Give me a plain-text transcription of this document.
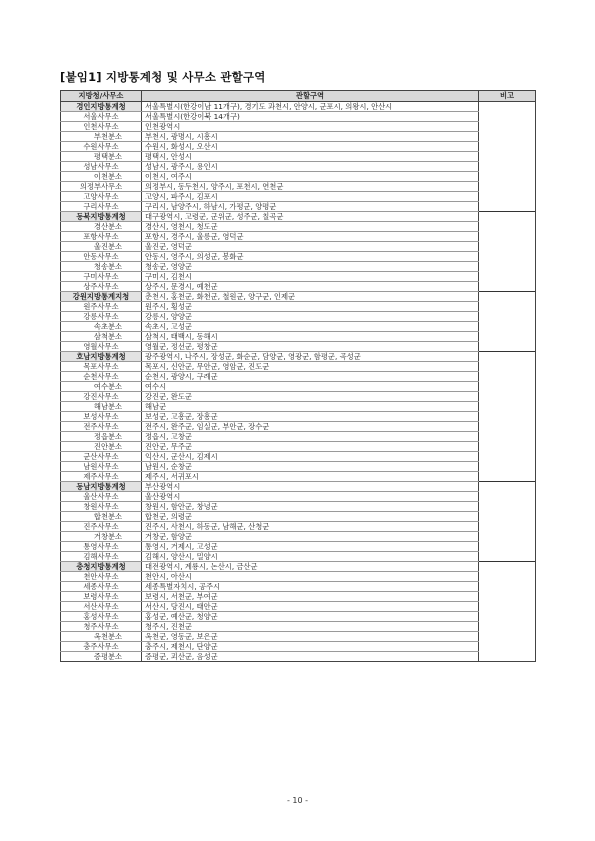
[붙임1] 지방통계청 및 사무소 관할구역
지방청/사무소	관할구역	비고
경인지방통계청	서울특별시(한강이남 11개구), 경기도 과천시, 안양시, 군포시, 의왕시, 안산시	
서울사무소	서울특별시(한강이북 14개구)	
인천사무소	인천광역시	
부천분소	부천시, 광명시, 시흥시	
수원사무소	수원시, 화성시, 오산시	
평택분소	평택시, 안성시	
성남사무소	성남시, 광주시, 용인시	
이천분소	이천시, 여주시	
의정부사무소	의정부시, 동두천시, 양주시, 포천시, 연천군	
고양사무소	고양시, 파주시, 김포시	
구리사무소	구리시, 남양주시, 하남시, 가평군, 양평군	
동북지방통계청	대구광역시, 고령군, 군위군, 성주군, 칠곡군	
경산분소	경산시, 영천시, 청도군	
포항사무소	포항시, 경주시, 울릉군, 영덕군	
울진분소	울진군, 영덕군	
안동사무소	안동시, 영주시, 의성군, 봉화군	
청송분소	청송군, 영양군	
구미사무소	구미시, 김천시	
상주사무소	상주시, 문경시, 예천군	
강원지방통계지청	춘천시, 홍천군, 화천군, 철원군, 양구군, 인제군	
원주사무소	원주시, 횡성군	
강릉사무소	강릉시, 양양군	
속초분소	속초시, 고성군	
삼척분소	삼척시, 태백시, 동해시	
영월사무소	영월군, 정선군, 평창군	
호남지방통계청	광주광역시, 나주시, 장성군, 화순군, 담양군, 영광군, 함평군, 곡성군	
목포사무소	목포시, 신안군, 무안군, 영암군, 진도군	
순천사무소	순천시, 광양시, 구례군	
여수분소	여수시	
강진사무소	강진군, 완도군	
해남분소	해남군	
보성사무소	보성군, 고흥군, 장흥군	
전주사무소	전주시, 완주군, 임실군, 부안군, 장수군	
정읍분소	정읍시, 고창군	
진안분소	진안군, 무주군	
군산사무소	익산시, 군산시, 김제시	
남원사무소	남원시, 순창군	
제주사무소	제주시, 서귀포시	
동남지방통계청	부산광역시	
울산사무소	울산광역시	
창원사무소	창원시, 함안군, 창녕군	
합천분소	합천군, 의령군	
진주사무소	진주시, 사천시, 하동군, 남해군, 산청군	
거창분소	거창군, 함양군	
통영사무소	통영시, 거제시, 고성군	
김해사무소	김해시, 양산시, 밀양시	
충청지방통계청	대전광역시, 계룡시, 논산시, 금산군	
천안사무소	천안시, 아산시	
세종사무소	세종특별자치시, 공주시	
보령사무소	보령시, 서천군, 부여군	
서산사무소	서산시, 당진시, 태안군	
홍성사무소	홍성군, 예산군, 청양군	
청주사무소	청주시, 진천군	
옥천분소	옥천군, 영동군, 보은군	
충주사무소	충주시, 제천시, 단양군	
증평분소	증평군, 괴산군, 음성군	
- 10 -
